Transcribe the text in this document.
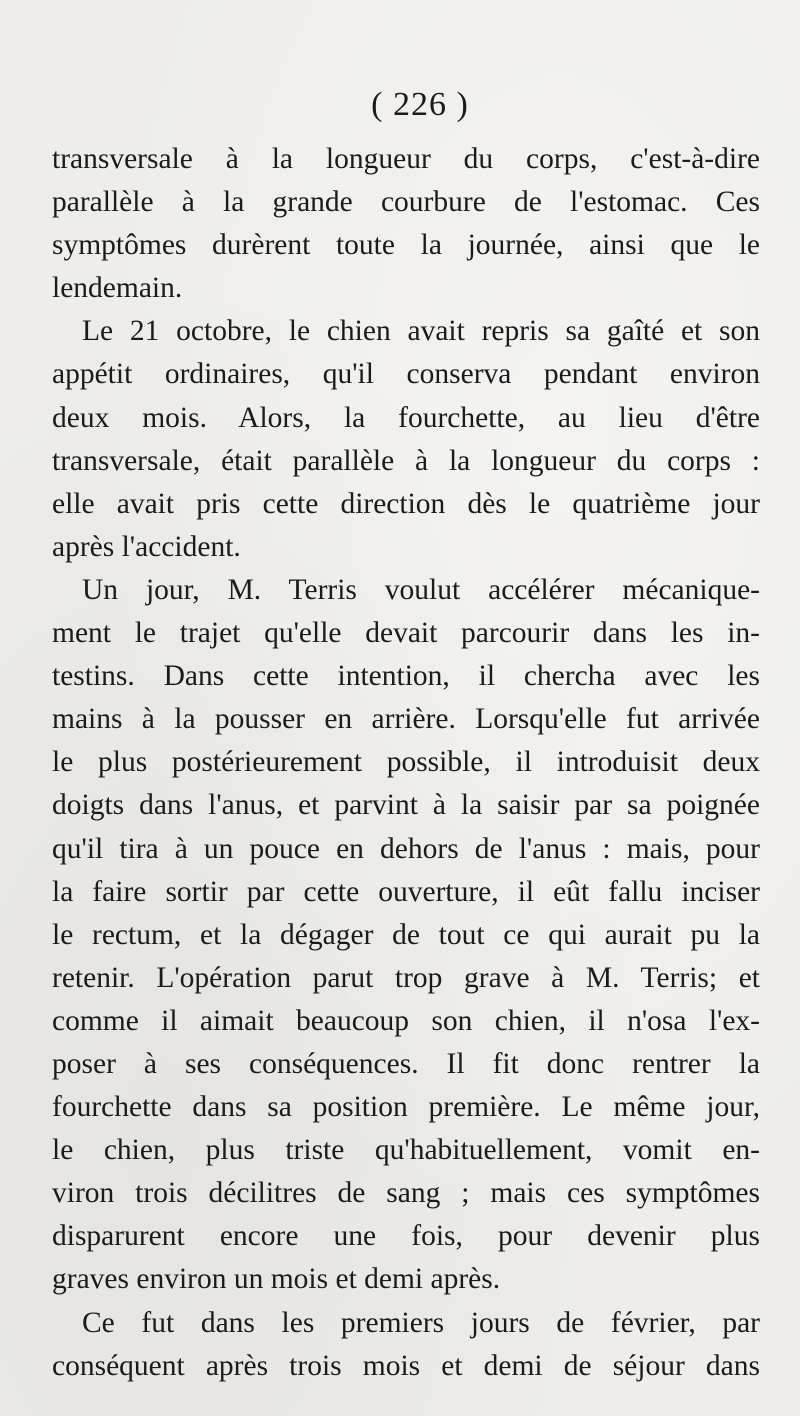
( 226 )
transversale à la longueur du corps, c'est-à-dire
parallèle à la grande courbure de l'estomac. Ces
symptômes durèrent toute la journée, ainsi que le
lendemain.
Le 21 octobre, le chien avait repris sa gaîté et son
appétit ordinaires, qu'il conserva pendant environ
deux mois. Alors, la fourchette, au lieu d'être
transversale, était parallèle à la longueur du corps :
elle avait pris cette direction dès le quatrième jour
après l'accident.
Un jour, M. Terris voulut accélérer mécanique-
ment le trajet qu'elle devait parcourir dans les in-
testins. Dans cette intention, il chercha avec les
mains à la pousser en arrière. Lorsqu'elle fut arrivée
le plus postérieurement possible, il introduisit deux
doigts dans l'anus, et parvint à la saisir par sa poignée
qu'il tira à un pouce en dehors de l'anus : mais, pour
la faire sortir par cette ouverture, il eût fallu inciser
le rectum, et la dégager de tout ce qui aurait pu la
retenir. L'opération parut trop grave à M. Terris; et
comme il aimait beaucoup son chien, il n'osa l'ex-
poser à ses conséquences. Il fit donc rentrer la
fourchette dans sa position première. Le même jour,
le chien, plus triste qu'habituellement, vomit en-
viron trois décilitres de sang ; mais ces symptômes
disparurent encore une fois, pour devenir plus
graves environ un mois et demi après.
Ce fut dans les premiers jours de février, par
conséquent après trois mois et demi de séjour dans
